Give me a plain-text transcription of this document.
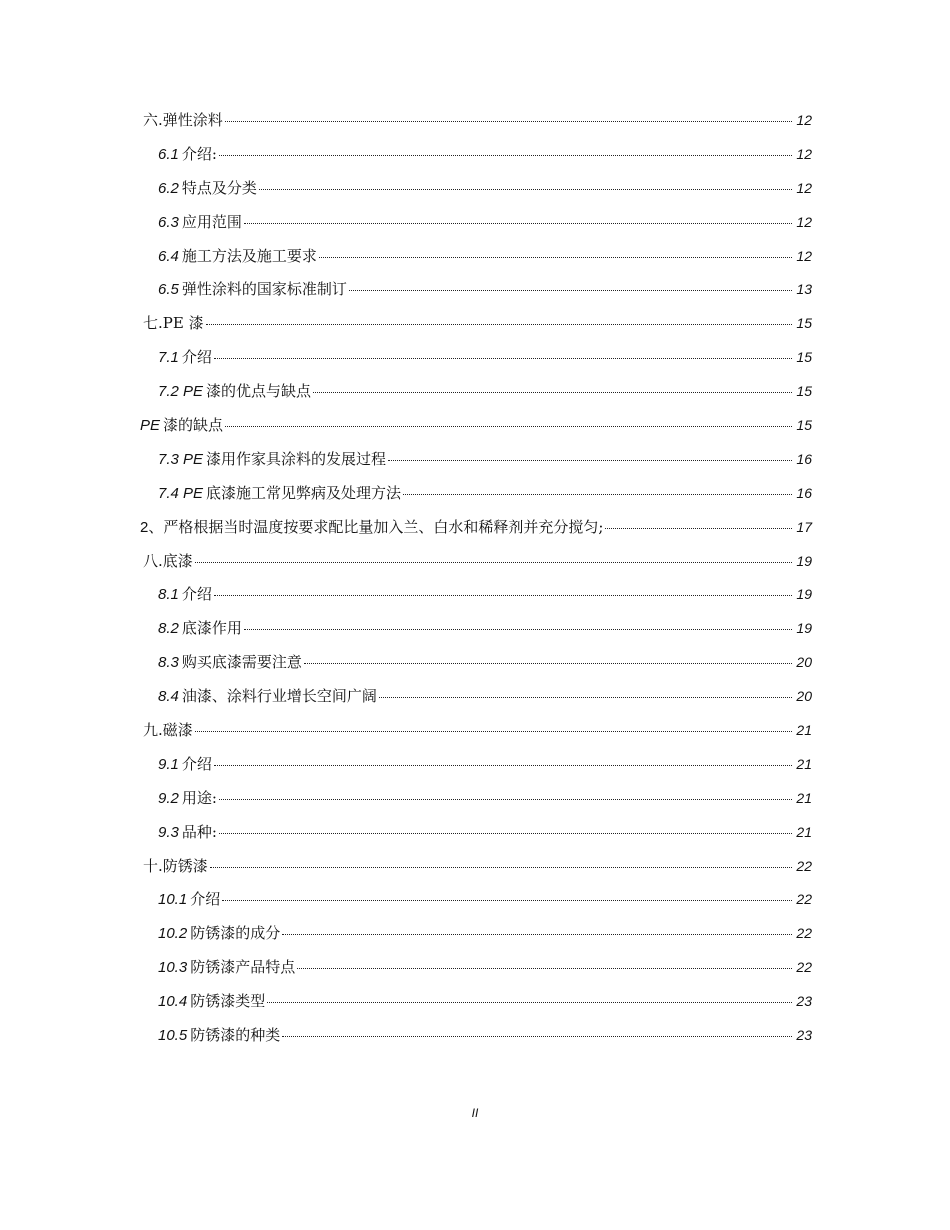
六.弹性涂料	12
6.1 介绍:	12
6.2 特点及分类	12
6.3 应用范围	12
6.4 施工方法及施工要求	12
6.5 弹性涂料的国家标准制订	13
七.PE 漆	15
7.1 介绍	15
7.2 PE 漆的优点与缺点	15
PE 漆的缺点	15
7.3 PE 漆用作家具涂料的发展过程	16
7.4 PE 底漆施工常见弊病及处理方法	16
2 、严格根据当时温度按要求配比量加入兰、白水和稀释剂并充分搅匀;	17
八.底漆	19
8.1 介绍	19
8.2 底漆作用	19
8.3 购买底漆需要注意	20
8.4 油漆、涂料行业增长空间广阔	20
九.磁漆	21
9.1 介绍	21
9.2 用途:	21
9.3 品种:	21
十.防锈漆	22
10.1 介绍	22
10.2 防锈漆的成分	22
10.3 防锈漆产品特点	22
10.4 防锈漆类型	23
10.5 防锈漆的种类	23
II
